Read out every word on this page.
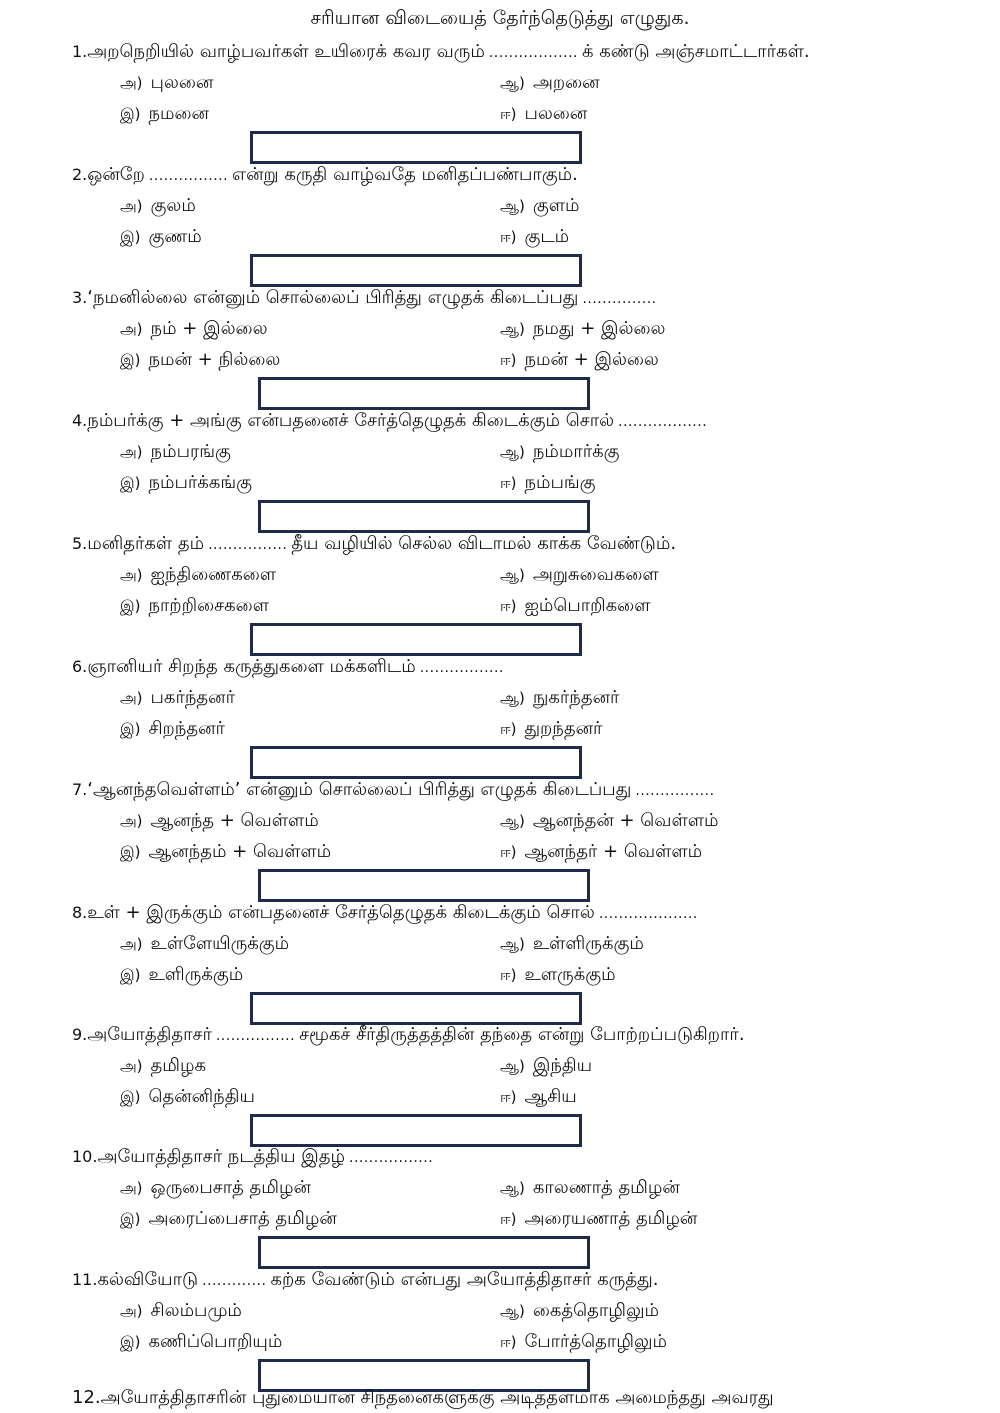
சரியான விடையைத் தேர்ந்தெடுத்து எழுதுக.
1.அறநெறியில் வாழ்பவர்கள் உயிரைக் கவர வரும் .................. க் கண்டு அஞ்சமாட்டார்கள்.
அ) புலனை	ஆ) அறனை
இ) நமனை	ஈ) பலனை
2.ஒன்றே ................ என்று கருதி வாழ்வதே மனிதப்பண்பாகும்.
அ) குலம்	ஆ) குளம்
இ) குணம்	ஈ) குடம்
3.‘நமனில்லை என்னும் சொல்லைப் பிரித்து எழுதக் கிடைப்பது ...............
அ) நம் + இல்லை	ஆ) நமது + இல்லை
இ) நமன் + நில்லை	ஈ) நமன் + இல்லை
4.நம்பர்க்கு + அங்கு என்பதனைச் சேர்த்தெழுதக் கிடைக்கும் சொல் ..................
அ) நம்பரங்கு	ஆ) நம்மார்க்கு
இ) நம்பர்க்கங்கு	ஈ) நம்பங்கு
5.மனிதர்கள் தம் ................ தீய வழியில் செல்ல விடாமல் காக்க வேண்டும்.
அ) ஐந்திணைகளை	ஆ) அறுசுவைகளை
இ) நாற்றிசைகளை	ஈ) ஐம்பொறிகளை
6.ஞானியர் சிறந்த கருத்துகளை மக்களிடம் .................
அ) பகர்ந்தனர்	ஆ) நுகர்ந்தனர்
இ) சிறந்தனர்	ஈ) துறந்தனர்
7.‘ஆனந்தவெள்ளம்’ என்னும் சொல்லைப் பிரித்து எழுதக் கிடைப்பது ................
அ) ஆனந்த + வெள்ளம்	ஆ) ஆனந்தன் + வெள்ளம்
இ) ஆனந்தம் + வெள்ளம்	ஈ) ஆனந்தர் + வெள்ளம்
8.உள் + இருக்கும் என்பதனைச் சேர்த்தெழுதக் கிடைக்கும் சொல் ....................
அ) உள்ளேயிருக்கும்	ஆ) உள்ளிருக்கும்
இ) உளிருக்கும்	ஈ) உளருக்கும்
9.அயோத்திதாசர் ................ சமூகச் சீர்திருத்தத்தின் தந்தை என்று போற்றப்படுகிறார்.
அ) தமிழக	ஆ) இந்திய
இ) தென்னிந்திய	ஈ) ஆசிய
10.அயோத்திதாசர் நடத்திய இதழ் .................
அ) ஒருபைசாத் தமிழன்	ஆ) காலணாத் தமிழன்
இ) அரைப்பைசாத் தமிழன்	ஈ) அரையணாத் தமிழன்
11.கல்வியோடு ............. கற்க வேண்டும் என்பது அயோத்திதாசர் கருத்து.
அ) சிலம்பமும்	ஆ) கைத்தொழிலும்
இ) கணிப்பொறியும்	ஈ) போர்த்தொழிலும்
12.அயோத்திதாசரின் புதுமையான சிந்தனைகளுக்கு அடித்தளமாக அமைந்தது அவரது
